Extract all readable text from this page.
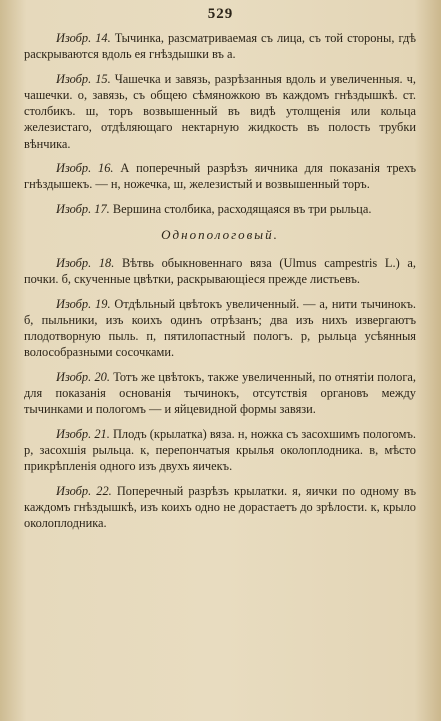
529

Изобр. 14. Тычинка, разсматриваемая съ лица, съ той стороны, гдѣ раскрываются вдоль ея гнѣздышки въ а.

Изобр. 15. Чашечка и завязь, разрѣзанныя вдоль и увеличенныя. ч, чашечки. о, завязь, съ общею сѣмяножкою въ каждомъ гнѣздышкѣ. ст. столбикъ. ш, торъ возвышенный въ видѣ утолщенія или кольца железистаго, отдѣляющаго нектарную жидкость въ полость трубки вѣнчика.

Изобр. 16. А поперечный разрѣзъ яичника для показанія трехъ гнѣздышекъ. — н, ножечка, ш, железистый и возвышенный торъ.

Изобр. 17. Вершина столбика, расходящаяся въ три рыльца.

Однопологовый.

Изобр. 18. Вѣтвь обыкновеннаго вяза (Ulmus campestris L.) а, почки. б, скученные цвѣтки, раскрывающіеся прежде листьевъ.

Изобр. 19. Отдѣльный цвѣтокъ увеличенный. — а, нити тычинокъ. б, пыльники, изъ коихъ одинъ отрѣзанъ; два изъ нихъ извергаютъ плодотворную пыль. п, пятилопастный пологъ. р, рыльца усѣянныя волособразными сосочками.

Изобр. 20. Тотъ же цвѣтокъ, также увеличенный, по отнятіи полога, для показанія основанія тычинокъ, отсутствія органовъ между тычинками и пологомъ — и яйцевидной формы завязи.

Изобр. 21. Плодъ (крылатка) вяза. н, ножка съ засохшимъ пологомъ. р, засохшія рыльца. к, перепончатыя крылья околоплодника. в, мѣсто прикрѣпленія одного изъ двухъ яичекъ.

Изобр. 22. Поперечный разрѣзъ крылатки. я, яички по одному въ каждомъ гнѣздышкѣ, изъ коихъ одно не дорастаетъ до зрѣлости. к, крыло околоплодника.
